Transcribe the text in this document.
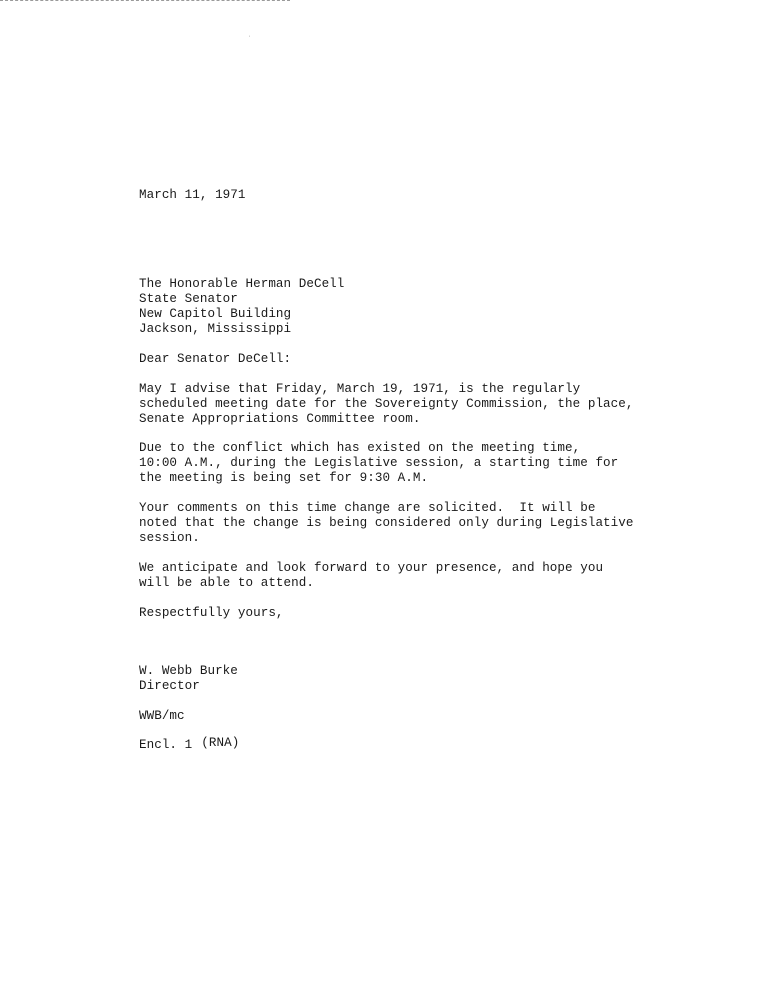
˙
March 11, 1971
The Honorable Herman DeCell
State Senator
New Capitol Building
Jackson, Mississippi
Dear Senator DeCell:
May I advise that Friday, March 19, 1971, is the regularly
scheduled meeting date for the Sovereignty Commission, the place,
Senate Appropriations Committee room.
Due to the conflict which has existed on the meeting time,
10:00 A.M., during the Legislative session, a starting time for
the meeting is being set for 9:30 A.M.
Your comments on this time change are solicited.  It will be
noted that the change is being considered only during Legislative
session.
We anticipate and look forward to your presence, and hope you
will be able to attend.
Respectfully yours,
W. Webb Burke
Director
WWB/mc
Encl. 1 (RNA)
